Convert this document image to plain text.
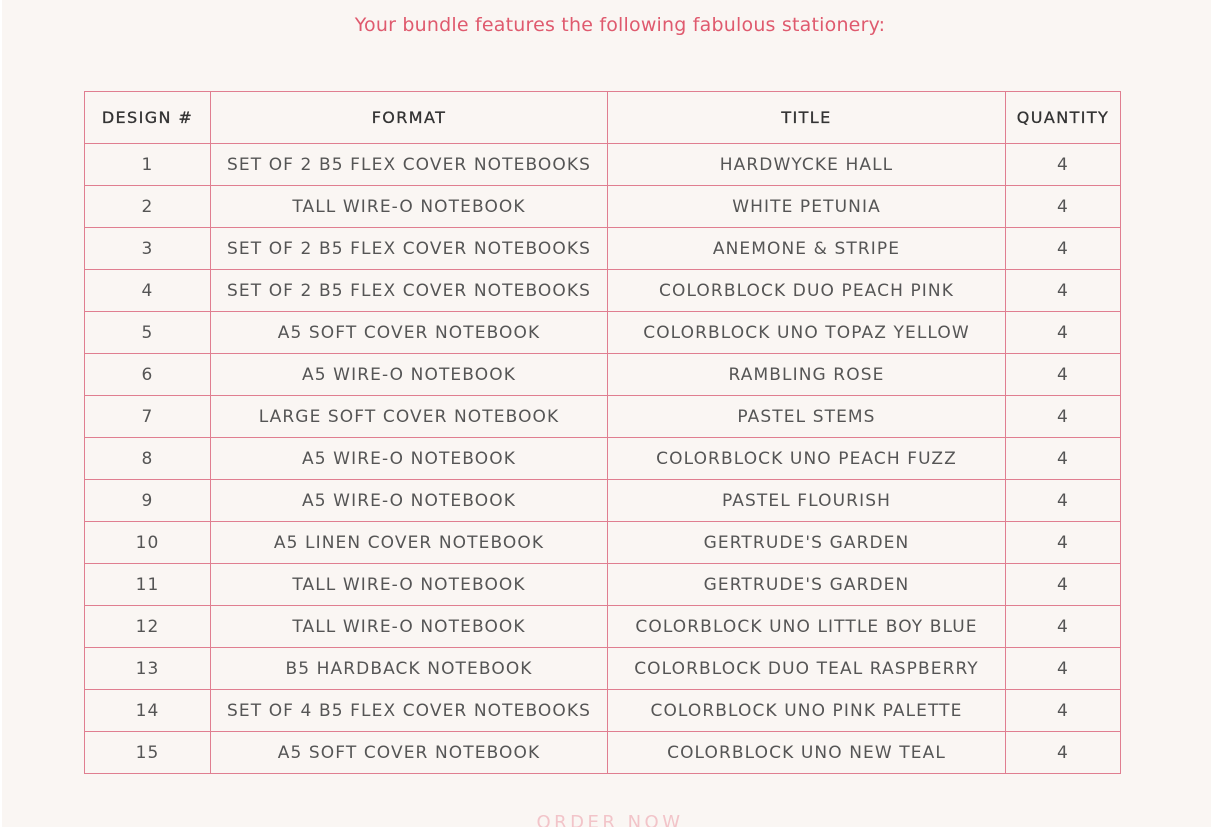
Your bundle features the following fabulous stationery:
DESIGN #	FORMAT	TITLE	QUANTITY
1	SET OF 2 B5 FLEX COVER NOTEBOOKS	HARDWYCKE HALL	4
2	TALL WIRE-O NOTEBOOK	WHITE PETUNIA	4
3	SET OF 2 B5 FLEX COVER NOTEBOOKS	ANEMONE & STRIPE	4
4	SET OF 2 B5 FLEX COVER NOTEBOOKS	COLORBLOCK DUO PEACH PINK	4
5	A5 SOFT COVER NOTEBOOK	COLORBLOCK UNO TOPAZ YELLOW	4
6	A5 WIRE-O NOTEBOOK	RAMBLING ROSE	4
7	LARGE SOFT COVER NOTEBOOK	PASTEL STEMS	4
8	A5 WIRE-O NOTEBOOK	COLORBLOCK UNO PEACH FUZZ	4
9	A5 WIRE-O NOTEBOOK	PASTEL FLOURISH	4
10	A5 LINEN COVER NOTEBOOK	GERTRUDE'S GARDEN	4
11	TALL WIRE-O NOTEBOOK	GERTRUDE'S GARDEN	4
12	TALL WIRE-O NOTEBOOK	COLORBLOCK UNO LITTLE BOY BLUE	4
13	B5 HARDBACK NOTEBOOK	COLORBLOCK DUO TEAL RASPBERRY	4
14	SET OF 4 B5 FLEX COVER NOTEBOOKS	COLORBLOCK UNO PINK PALETTE	4
15	A5 SOFT COVER NOTEBOOK	COLORBLOCK UNO NEW TEAL	4
ORDER NOW
